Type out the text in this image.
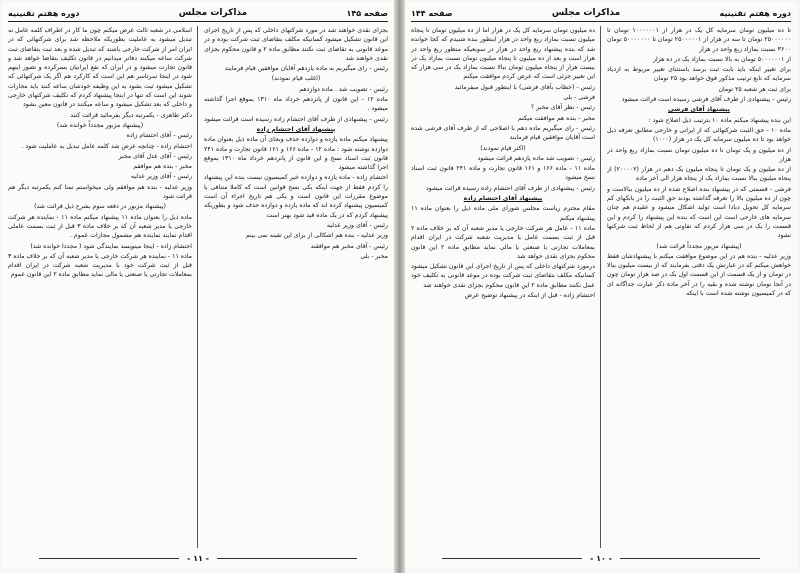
صفحه ۱۴۵
مذاکرات مجلس
دوره هفتم تقنینیه
بجزای نقدی خواهند شد در مورد شرکتهای داخلی که پس از تاریخ اجرای این قانون تشکیل میشود کسانیکه مکلف بتقاضای ثبت شرکت بوده و در موعد قانونی به تقاضای ثبت نکنند مطابق ماده ۲ و قانون محکوم بجزای نقدی خواهند شد
رئیس - رای میگیریم به ماده یازدهم آقایان موافقین قیام فرمایند
(اغلب قیام نمودند)
رئیس - تصویب شد . ماده دوازدهم
ماده ۱۲ - این قانون از پانزدهم خرداد ماه ۱۳۱۰ بموقع اجرا گذاشته میشود .
رئیس - پیشنهادی از طرف آقای احتشام زاده رسیده است قرائت میشود
پیشنهاد آقای احتشام زاده
پیشنهاد میکنم ماده یازده و دوازده حذف وبجای آن ماده ذیل بعنوان ماده دوازده نوشته شود : ماده ۱۲ - ماده ۱۶۶ و ۱۶۱ قانون تجارت و ماده ۲۴۱ قانون ثبت اسناد نسخ و این قانون از پانزدهم خرداد ماه ۱۳۱۰ بموقع اجرا گذاشته میشود
احتشام زاده - ماده یازده و دوازده خیر کمیسیون نیست بنده این پیشنهاد را کردم فقط از جهت اینکه یکی نسخ قوانین است که کاملا متنافی با موضوع مقررات این قانون است و یکی هم تاریخ اجراء آن است کمیسیون پیشنهاد کرده اند که ماده یازده و دوازده حذف شود و بطوریکه پیشنهاد کردم که در یک ماده قید شود بهتر است
رئیس - آقای وزیر عدلیه
وزیر عدلیه - بنده هم اشکالی از برای این تقینه نمی بینم
رئیس - آقای مخبر هم موافقند
مخبر - بلی
اسلامی در شعبه ثالث عرض میکنم چون ما کار در اطراف کلمه عامل نه تبدیل میشود به عاملیت بطوریکه ملاحظه شد برای شرکتهائی که در ایران امر از شرکت خارجی باشند که تبدیل شده و بعد ثبت بتقاضای ثبت شرکت ساعه میکنند دفاتر میدانیم در قانون تکلیف بتقاضا خواهد شد و قانون تجارت میشود و در ایران که نفع ایرانیان بسرکرده و تصور اینهم شود در اینجا سرتاسر هم این است که کارکرد هم اگر یک شرکتهائی که تشکیل میشود ثبت بشود به این وظیفه خودشان ساعه کنند باید مجازات شوند این است که تنها در اینجا پیشنهاد کردم که تکلیف شرکتهای خارجی و داخلی که بعد تشکیل میشود و ساعه میکنند در قانون معین بشود
دکتر طاهری - یکمرتبه دیگر بفرمائید قرائت کنند
(پیشنهاد مزبور مجدداً خوانده شد)
رئیس - آقای احتشام زاده
احتشام زاده - چنانچه عرض شد کلمه عامل تبدیل به عاملیت شود .
رئیس - آقای عدل آقای مخبر
مخبر - بنده هم موافقم
رئیس - آقای وزیر عدلیه
وزیر عدلیه - بنده هم موافقم ولی میخواستم تمنا کنم یکمرتبه دیگر هم قرائت شود
(پیشنهاد مزبور در دفعه سوم بشرح ذیل قرائت شد)
ماده ذیل را بعنوان ماده ۱۱ پیشنهاد میکنم ماده ۱۱ - نماینده هر شرکت خارجی یا مدیر شعبه آن که بر خلاف ماده ۳ قبل از ثبت بسمت عاملی اقدام نمایند نماینده هم مشمول مجازات عموم .
احتشام زاده - اینجا مینویسد نمایندگی شود ( مجددا خوانده شد)
ماده ۱۱ - نماینده هر شرکت خارجی یا مدیر شعبه آن که بر خلاف ماده ۳ قبل از ثبت شرکت خود با مدیریت شعبه شرکت در ایران اقدام بمعاملات تجارتی یا صنعتی یا مالی نماید مطابق ماده ۲ این قانون عموم
- ۱۱ -
دوره هفتم تقنینیه
مذاکرات مجلس
صفحه ۱۴۴
تا ده میلیون تومان سرمایه کل یک در هزار از ۱۰۰۰۰۰۰۱ تومان تا ۲۵۰۰۰۰۰۰ تومان تا سه در هزار از ۲۵۰۰۰۰۰۱ تومان تا ۵۰۰۰۰۰۰۰ تومان ۳۶۰۰ نسبت بمازاد ربع واحد در هزار
از ۵۰۰۰۰۰۰۱ تومان به بالا نسبت بمازاد یک در ده هزار
برای تغییر اینکه باید بابت ثبت برسد باستثنای تغییر مربوط به ازدیاد سرمایه که تابع ترتیب مذکور فوق خواهد بود ۲۵ تومان
برای ثبت هر شعبه ۲۵ تومان
رئیس - پیشنهادی از طرف آقای فرشی رسیده است قرائت میشود
پیشنهاد آقای فرشی
این بنده پیشنهاد میکنم ماده ۱۰ بترتیب ذیل اصلاح شود :
ماده ۱۰ - حق الثبت شرکتهائی که از ایرانی و خارجی مطابق تعرفه ذیل خواهد بود تا ده میلیون سرمایه کل یک در هزار (۱۰۰۰)
از ده میلیون و یک تومان تا ده میلیون تومان نسبت بمازاد ربع واحد در هزار
از ده میلیون و یک تومان تا پنجاه میلیون یک دهم در هزار (۲۰۰۰۰۲) از پنجاه میلیون ببالا نسبت بمازاد یک از پنجاه هزار الی آخر ماده
فرشی - قسمتی که در پیشنهاد بنده اصلاح شده از ده میلیون ببالاست و چون از ده میلیون بالا را تعرفه گذاشته بودند حق الثبت را در بانکهای کم سرمایه کل تحویل دیادا است تولید اشکال میشود و عقیدم هم چنان سرمایه های خارجی است این است که بنده این پیشنهاد را کردم و این قسمت را یک در سی هزار کردم که تفاوتی هم از لحاظ ثبت شرکتها نشود
(پیشنهاد مزبور مجدداً قرائت شد)
وزیر عدلیه - بنده هم در این موضوع موافقت میکنم با پیشنهادشان فقط خواهش میکنم که در عبارتش یک دقتی بفرمایند که از بیست میلیون ببالا در تومان و از یک قسمت از این قسمت اول یک در صد هزار تومان چون در آنجا تومان نوشته شده و بقیه را در آخر ماده ذکر عبارت جداگانه ای که در کمیسیون نوشته شده است با اینکه
ده میلیون تومان سرمایه کل یک در هزار اما از ده میلیون تومان تا پنجاه میلیون نسبت بمازاد ربع واحد در هزار اینطور بنده شنیدم که کجا خوانده شد که بنده پیشنهاد ربع واحد در هزار در سوبعیکه منظور ربع واحد در هزار است و بعد از ده میلیون تا پنجاه میلیون تومان نسبت بمازاد یک در بیست هزار از پنجاه میلیون تومان ببالا نسبت بمازاد یک در سی هزار که این تغییر جزئی است که عرض کردم موافقت میکنم
رئیس - (خطاب بآقای فرشی) با اینطور قبول میفرمائید
فرشی - بلی
رئیس - نظر آقای مخبر ؟
مخبر - بنده هم موافقت میکنم
رئیس - رای میگیریم ماده دهم با اصلاحی که از طرف آقای فرشی شده است آقایان موافقین قیام فرمایند
(اکثر قیام نمودند)
رئیس - تصویب شد ماده یازدهم قرائت میشود
ماده ۱۱ - ماده ۱۶۶ و ۱۶۱ قانون تجارت و ماده ۲۴۱ قانون ثبت اسناد نسخ میشود
رئیس - پیشنهادی از طرف آقای احتشام زاده رسیده قرائت میشود
پیشنهاد آقای احتشام زاده
مقام محترم ریاست مجلس شورای ملی ماده ذیل را بعنوان ماده ۱۱ پیشنهاد میکنم
ماده ۱۱ - عامل هر شرکت خارجی یا مدیر شعبه آن که بر خلاف ماده ۲ قبل از ثبت بسمت عامل یا مدیریت شعبه شرکت در ایران اقدام بمعاملات تجارتی یا صنعتی یا مالی نماید مطابق ماده ۲ این قانون محکوم بجزای نقدی خواهد شد
درمورد شرکتهای داخلی که پس از تاریخ اجرای این قانون تشکیل میشود کسانیکه مکلف بتقاضای ثبت شرکت بوده در موعد قانونی به تکلیف خود عمل نکنند مطابق ماده ۲ این قانون محکوم بجزای نقدی خواهند شد
احتشام زاده - قبل از اینکه در پیشنهاد توضیح عرض
- ۱۰ -
